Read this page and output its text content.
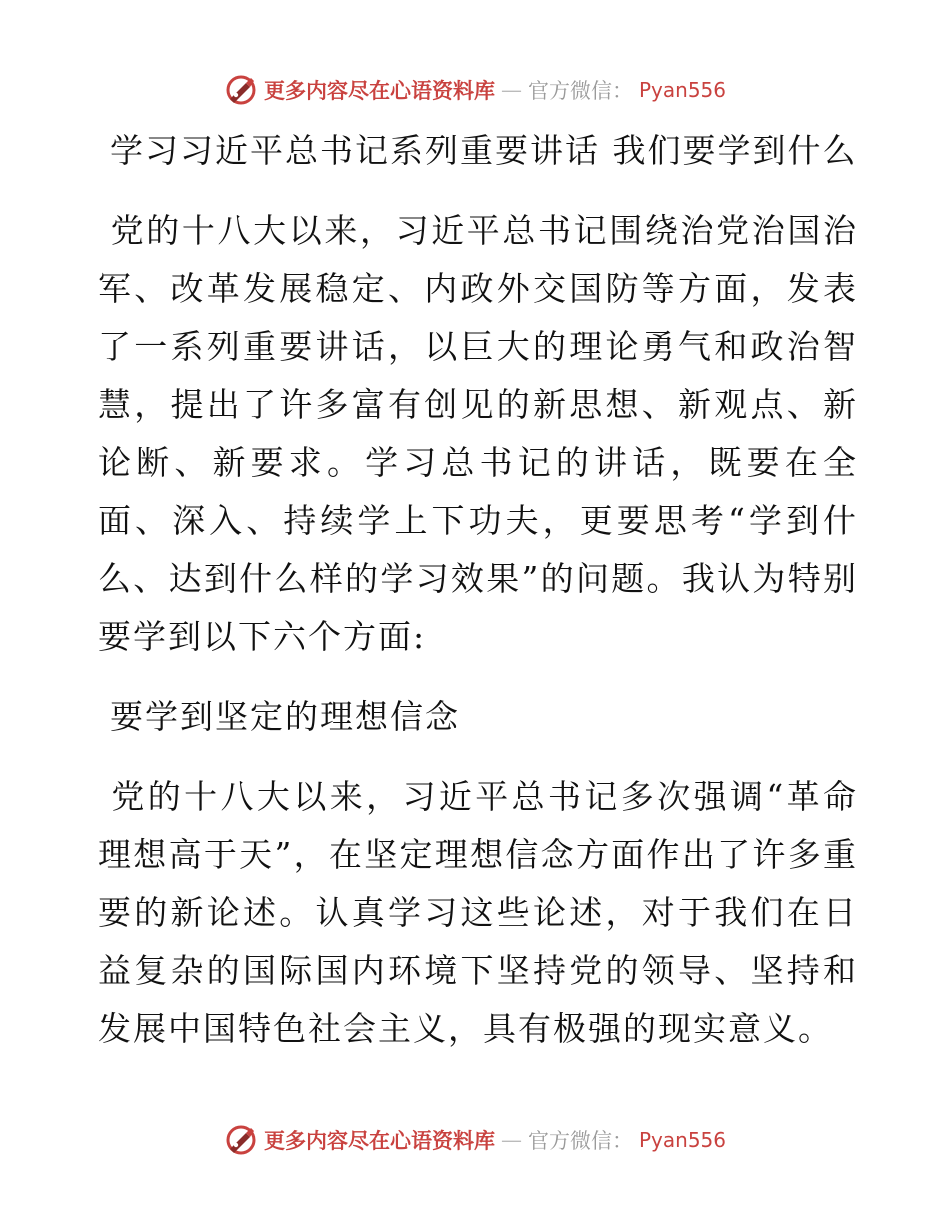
更多内容尽在心语资料库 — 官方微信： Pyan556
学习习近平总书记系列重要讲话 我们要学到什么

党的十八大以来，习近平总书记围绕治党治国治军、改革发展稳定、内政外交国防等方面，发表了一系列重要讲话，以巨大的理论勇气和政治智慧，提出了许多富有创见的新思想、新观点、新论断、新要求。学习总书记的讲话，既要在全面、深入、持续学上下功夫，更要思考“学到什么、达到什么样的学习效果”的问题。我认为特别要学到以下六个方面:

要学到坚定的理想信念

党的十八大以来，习近平总书记多次强调“革命理想高于天”，在坚定理想信念方面作出了许多重要的新论述。认真学习这些论述，对于我们在日益复杂的国际国内环境下坚持党的领导、坚持和发展中国特色社会主义，具有极强的现实意义。

更多内容尽在心语资料库 — 官方微信： Pyan556
